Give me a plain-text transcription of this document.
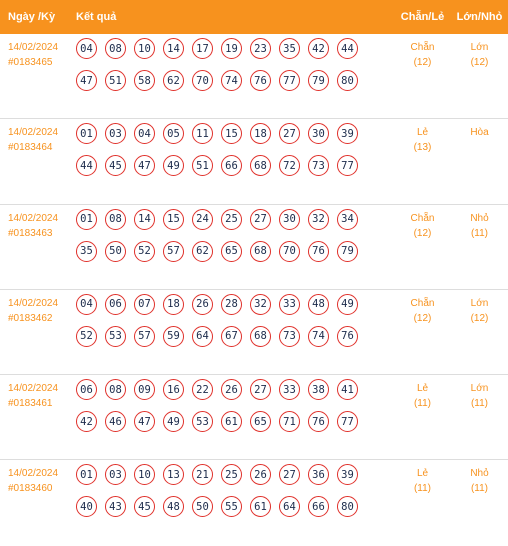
Ngày /Kỳ	Kết quả	Chẵn/Lẻ	Lớn/Nhỏ
14/02/2024
#0183465
04	08	10	14	17	19	23	35	42	44
47	51	58	62	70	74	76	77	79	80
Chẵn
(12)
Lớn
(12)
14/02/2024
#0183464
01	03	04	05	11	15	18	27	30	39
44	45	47	49	51	66	68	72	73	77
Lẻ
(13)
Hòa
14/02/2024
#0183463
01	08	14	15	24	25	27	30	32	34
35	50	52	57	62	65	68	70	76	79
Chẵn
(12)
Nhỏ
(11)
14/02/2024
#0183462
04	06	07	18	26	28	32	33	48	49
52	53	57	59	64	67	68	73	74	76
Chẵn
(12)
Lớn
(12)
14/02/2024
#0183461
06	08	09	16	22	26	27	33	38	41
42	46	47	49	53	61	65	71	76	77
Lẻ
(11)
Lớn
(11)
14/02/2024
#0183460
01	03	10	13	21	25	26	27	36	39
40	43	45	48	50	55	61	64	66	80
Lẻ
(11)
Nhỏ
(11)
